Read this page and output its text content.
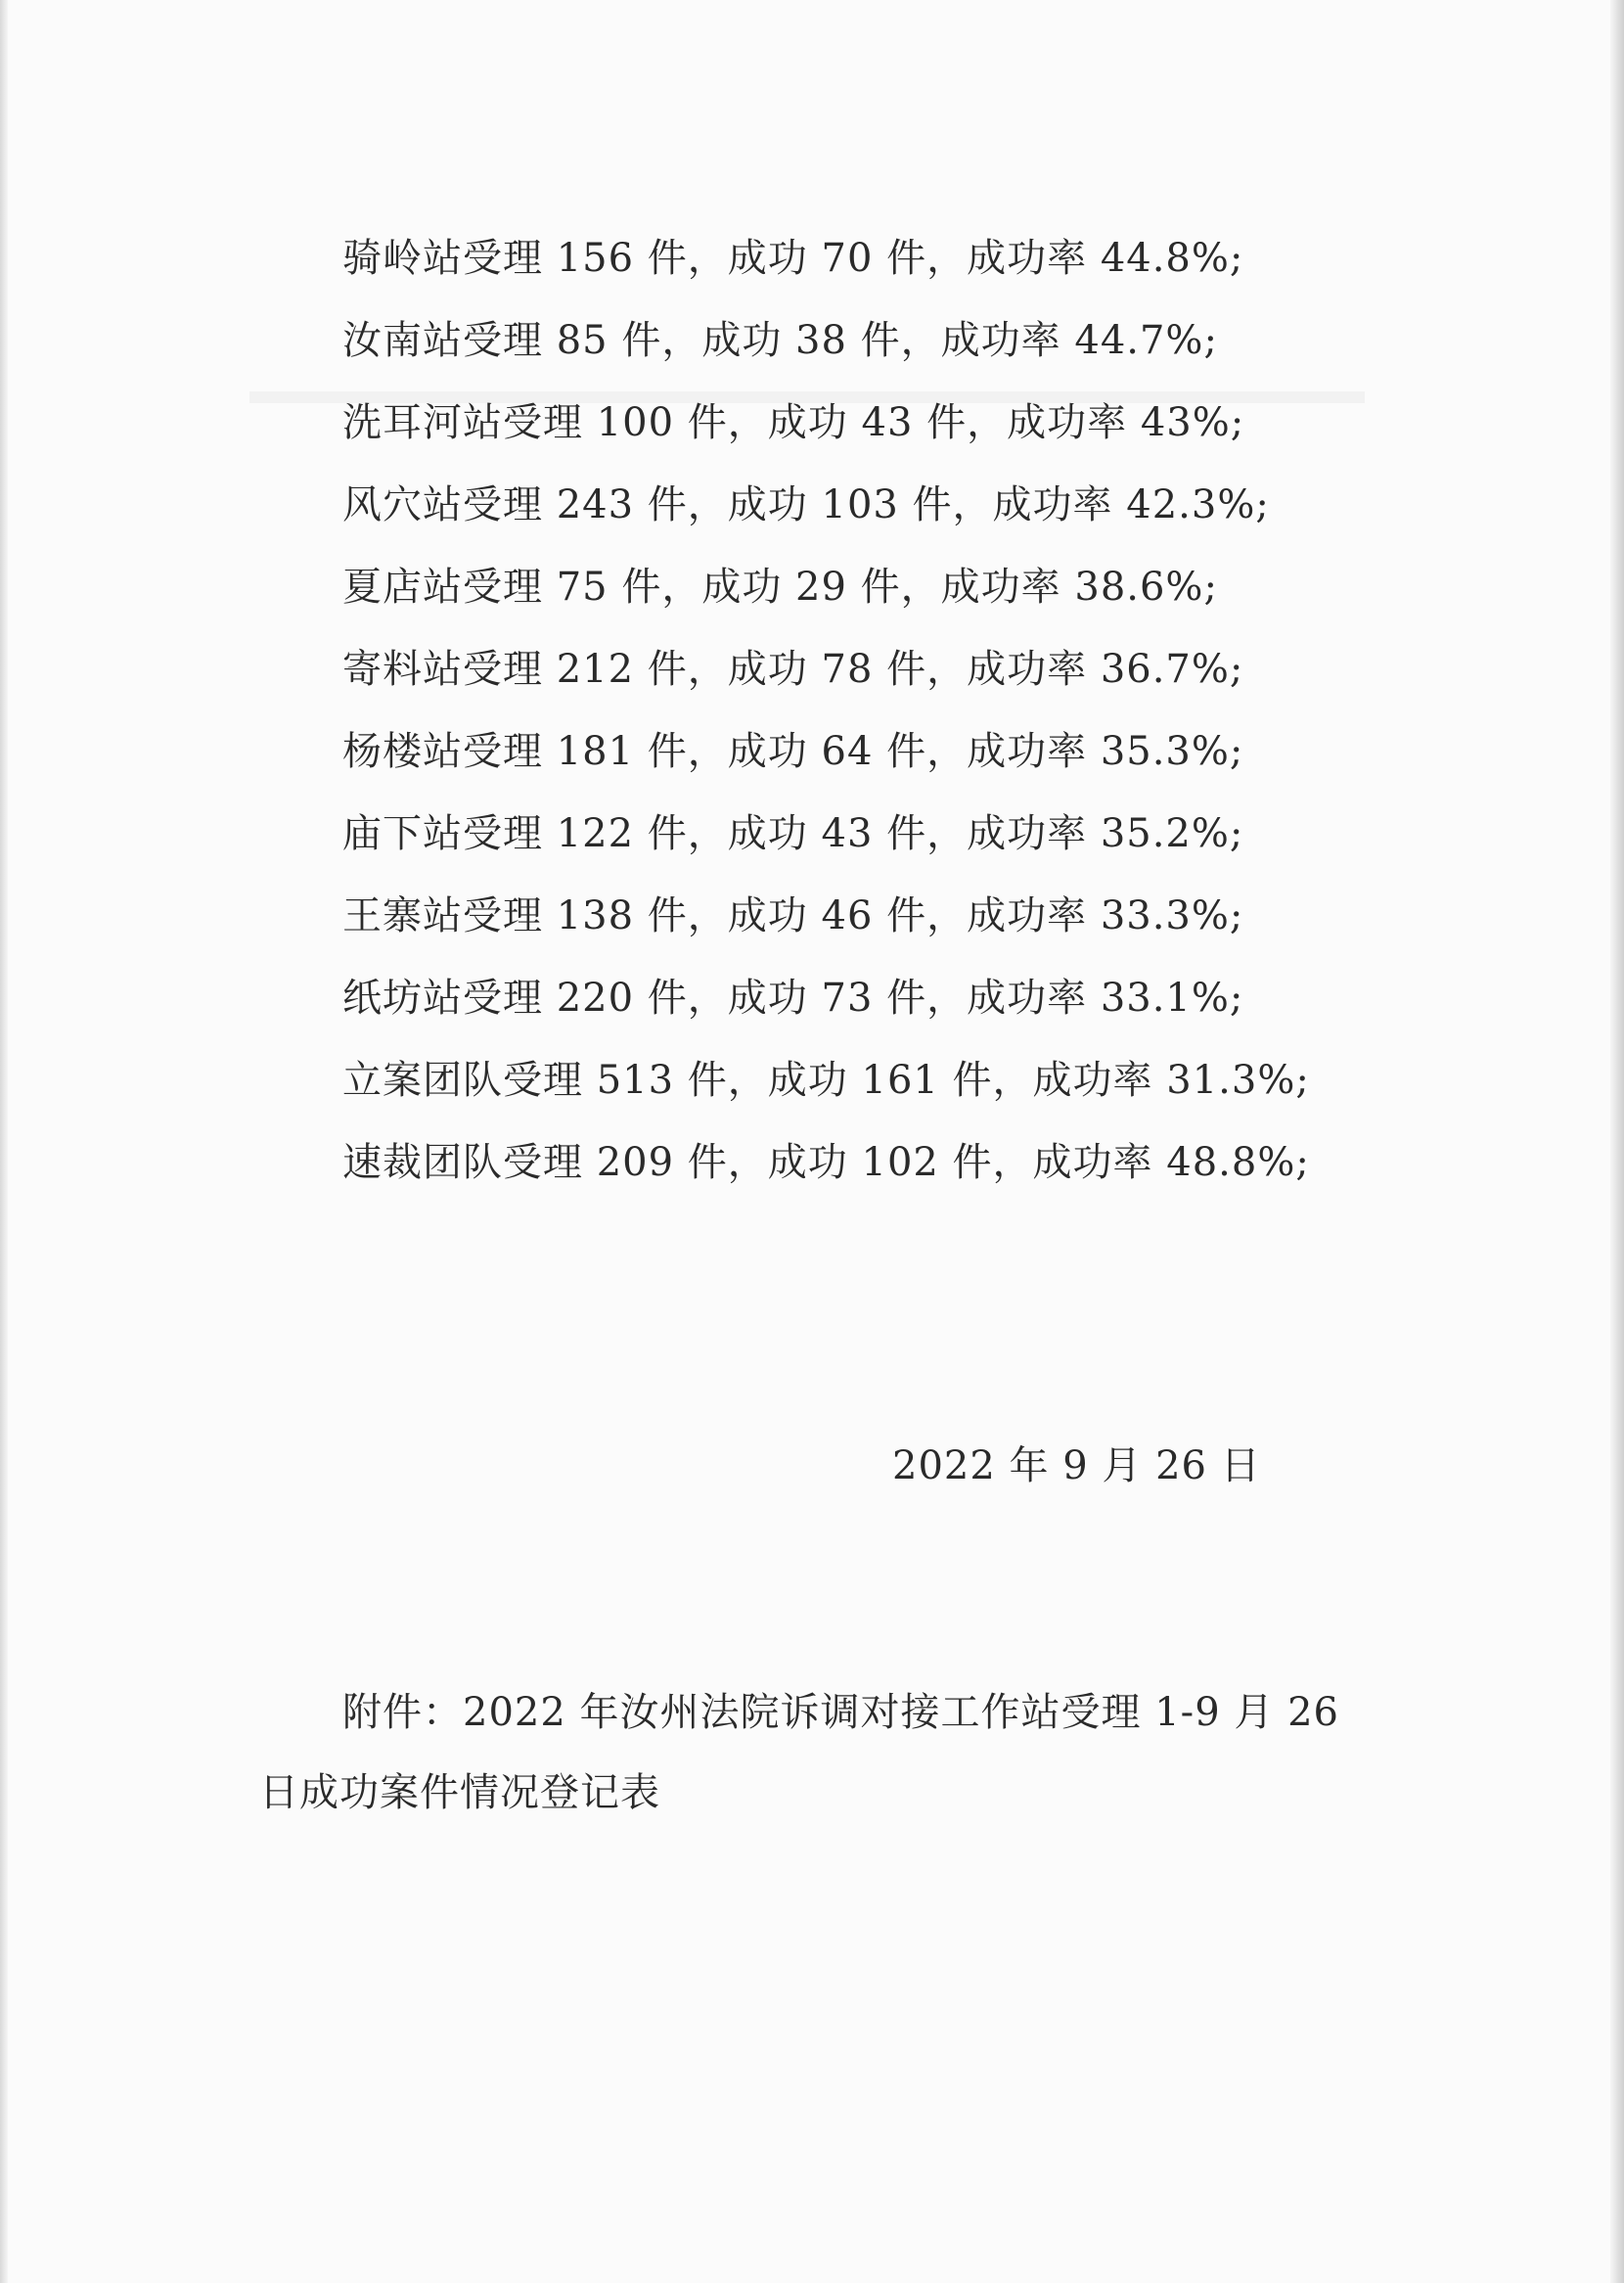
骑岭站受理 156 件，成功 70 件，成功率 44.8%;
汝南站受理 85 件，成功 38 件，成功率 44.7%;
洗耳河站受理 100 件，成功 43 件，成功率 43%;
风穴站受理 243 件，成功 103 件，成功率 42.3%;
夏店站受理 75 件，成功 29 件，成功率 38.6%;
寄料站受理 212 件，成功 78 件，成功率 36.7%;
杨楼站受理 181 件，成功 64 件，成功率 35.3%;
庙下站受理 122 件，成功 43 件，成功率 35.2%;
王寨站受理 138 件，成功 46 件，成功率 33.3%;
纸坊站受理 220 件，成功 73 件，成功率 33.1%;
立案团队受理 513 件，成功 161 件，成功率 31.3%;
速裁团队受理 209 件，成功 102 件，成功率 48.8%;
2022 年 9 月 26 日
附件：2022 年汝州法院诉调对接工作站受理 1-9 月 26
日成功案件情况登记表
